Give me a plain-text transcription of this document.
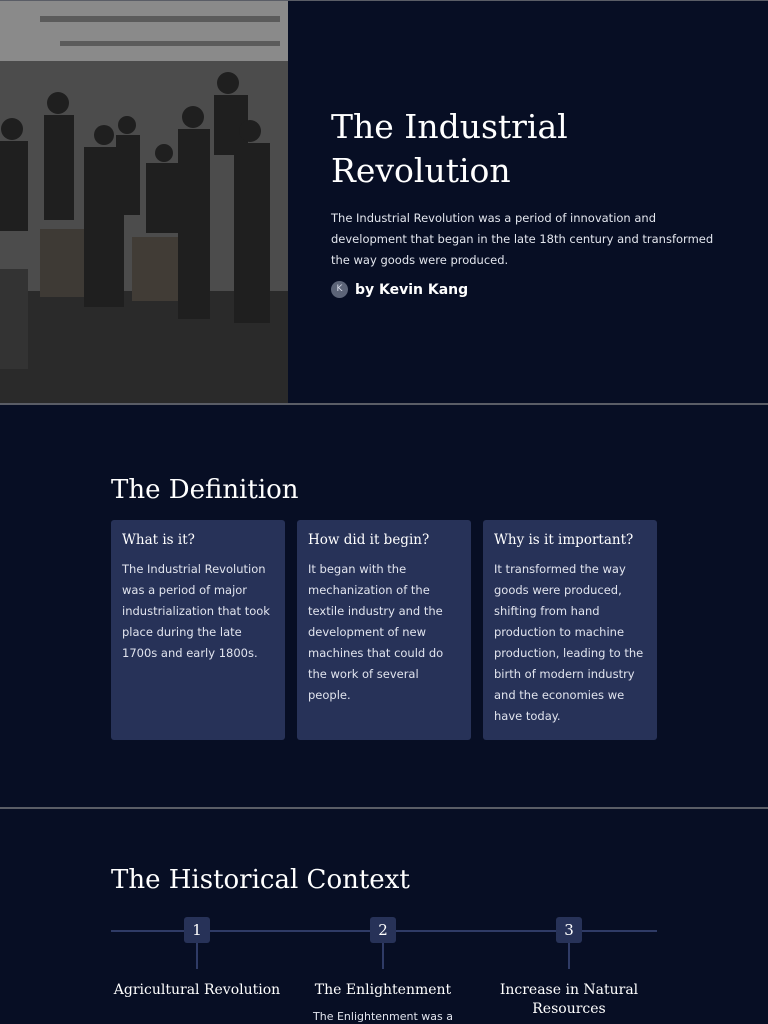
The Industrial Revolution

The Industrial Revolution was a period of innovation and development that began in the late 18th century and transformed the way goods were produced.

K by Kevin Kang
The Definition
What is it?

The Industrial Revolution was a period of major industrialization that took place during the late 1700s and early 1800s.

How did it begin?

It began with the mechanization of the textile industry and the development of new machines that could do the work of several people.

Why is it important?

It transformed the way goods were produced, shifting from hand production to machine production, leading to the birth of modern industry and the economies we have today.

The Historical Context
1
Agricultural Revolution

2
The Enlightenment

The Enlightenment was a

3
Increase in Natural Resources
